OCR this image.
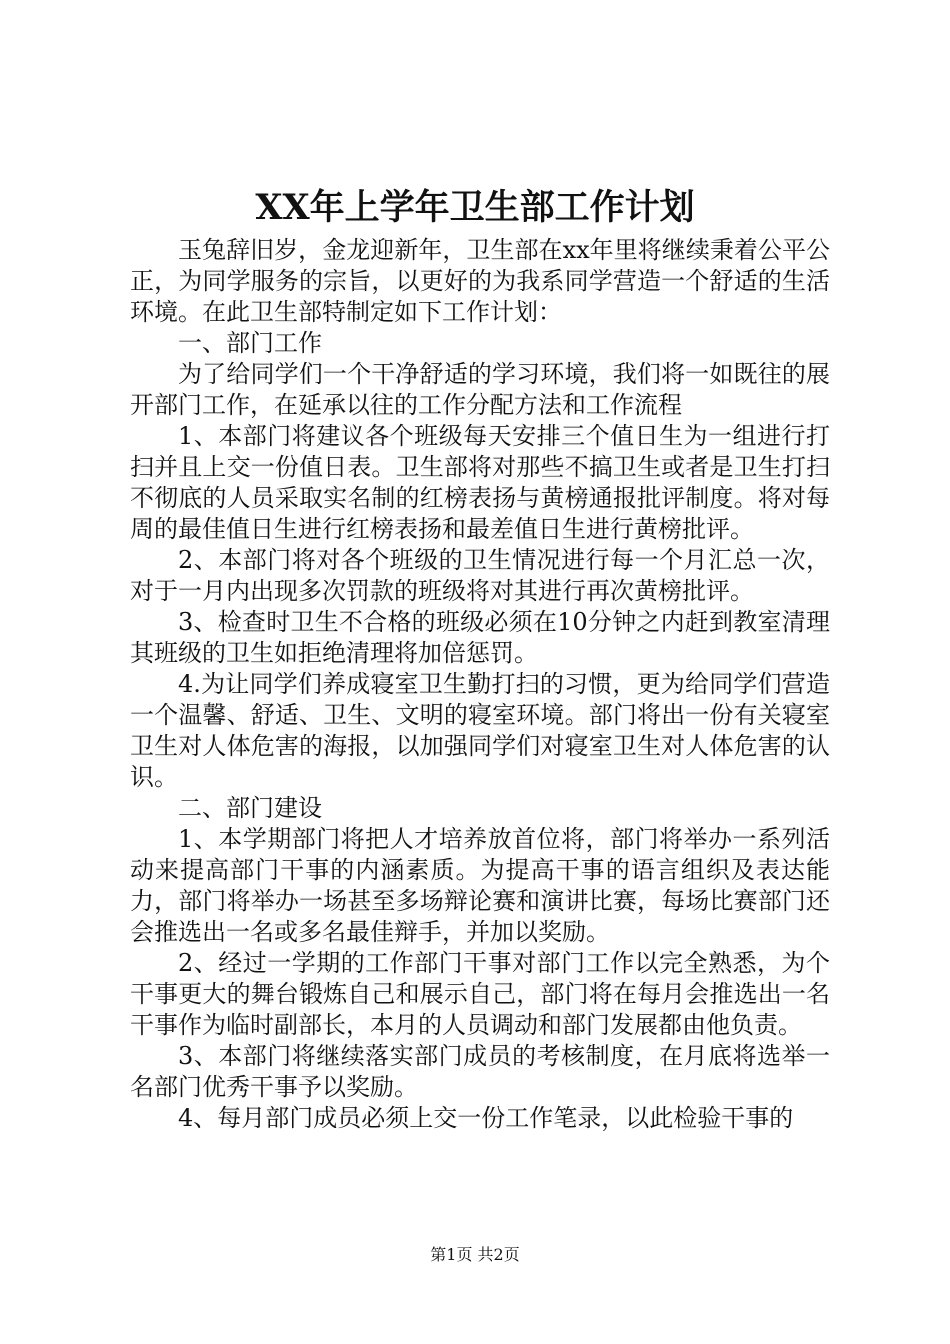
XX年上学年卫生部工作计划

玉兔辞旧岁，金龙迎新年，卫生部在xx年里将继续秉着公平公正，为同学服务的宗旨，以更好的为我系同学营造一个舒适的生活环境。在此卫生部特制定如下工作计划：

一、部门工作

为了给同学们一个干净舒适的学习环境，我们将一如既往的展开部门工作，在延承以往的工作分配方法和工作流程

1、本部门将建议各个班级每天安排三个值日生为一组进行打扫并且上交一份值日表。卫生部将对那些不搞卫生或者是卫生打扫不彻底的人员采取实名制的红榜表扬与黄榜通报批评制度。将对每周的最佳值日生进行红榜表扬和最差值日生进行黄榜批评。

2、本部门将对各个班级的卫生情况进行每一个月汇总一次，对于一月内出现多次罚款的班级将对其进行再次黄榜批评。

3、检查时卫生不合格的班级必须在10分钟之内赶到教室清理其班级的卫生如拒绝清理将加倍惩罚。

4.为让同学们养成寝室卫生勤打扫的习惯，更为给同学们营造一个温馨、舒适、卫生、文明的寝室环境。部门将出一份有关寝室卫生对人体危害的海报，以加强同学们对寝室卫生对人体危害的认识。

二、部门建设

1、本学期部门将把人才培养放首位将，部门将举办一系列活动来提高部门干事的内涵素质。为提高干事的语言组织及表达能力，部门将举办一场甚至多场辩论赛和演讲比赛，每场比赛部门还会推选出一名或多名最佳辩手，并加以奖励。

2、经过一学期的工作部门干事对部门工作以完全熟悉，为个干事更大的舞台锻炼自己和展示自己，部门将在每月会推选出一名干事作为临时副部长，本月的人员调动和部门发展都由他负责。

3、本部门将继续落实部门成员的考核制度，在月底将选举一名部门优秀干事予以奖励。

4、每月部门成员必须上交一份工作笔录，以此检验干事的

第1页 共2页
